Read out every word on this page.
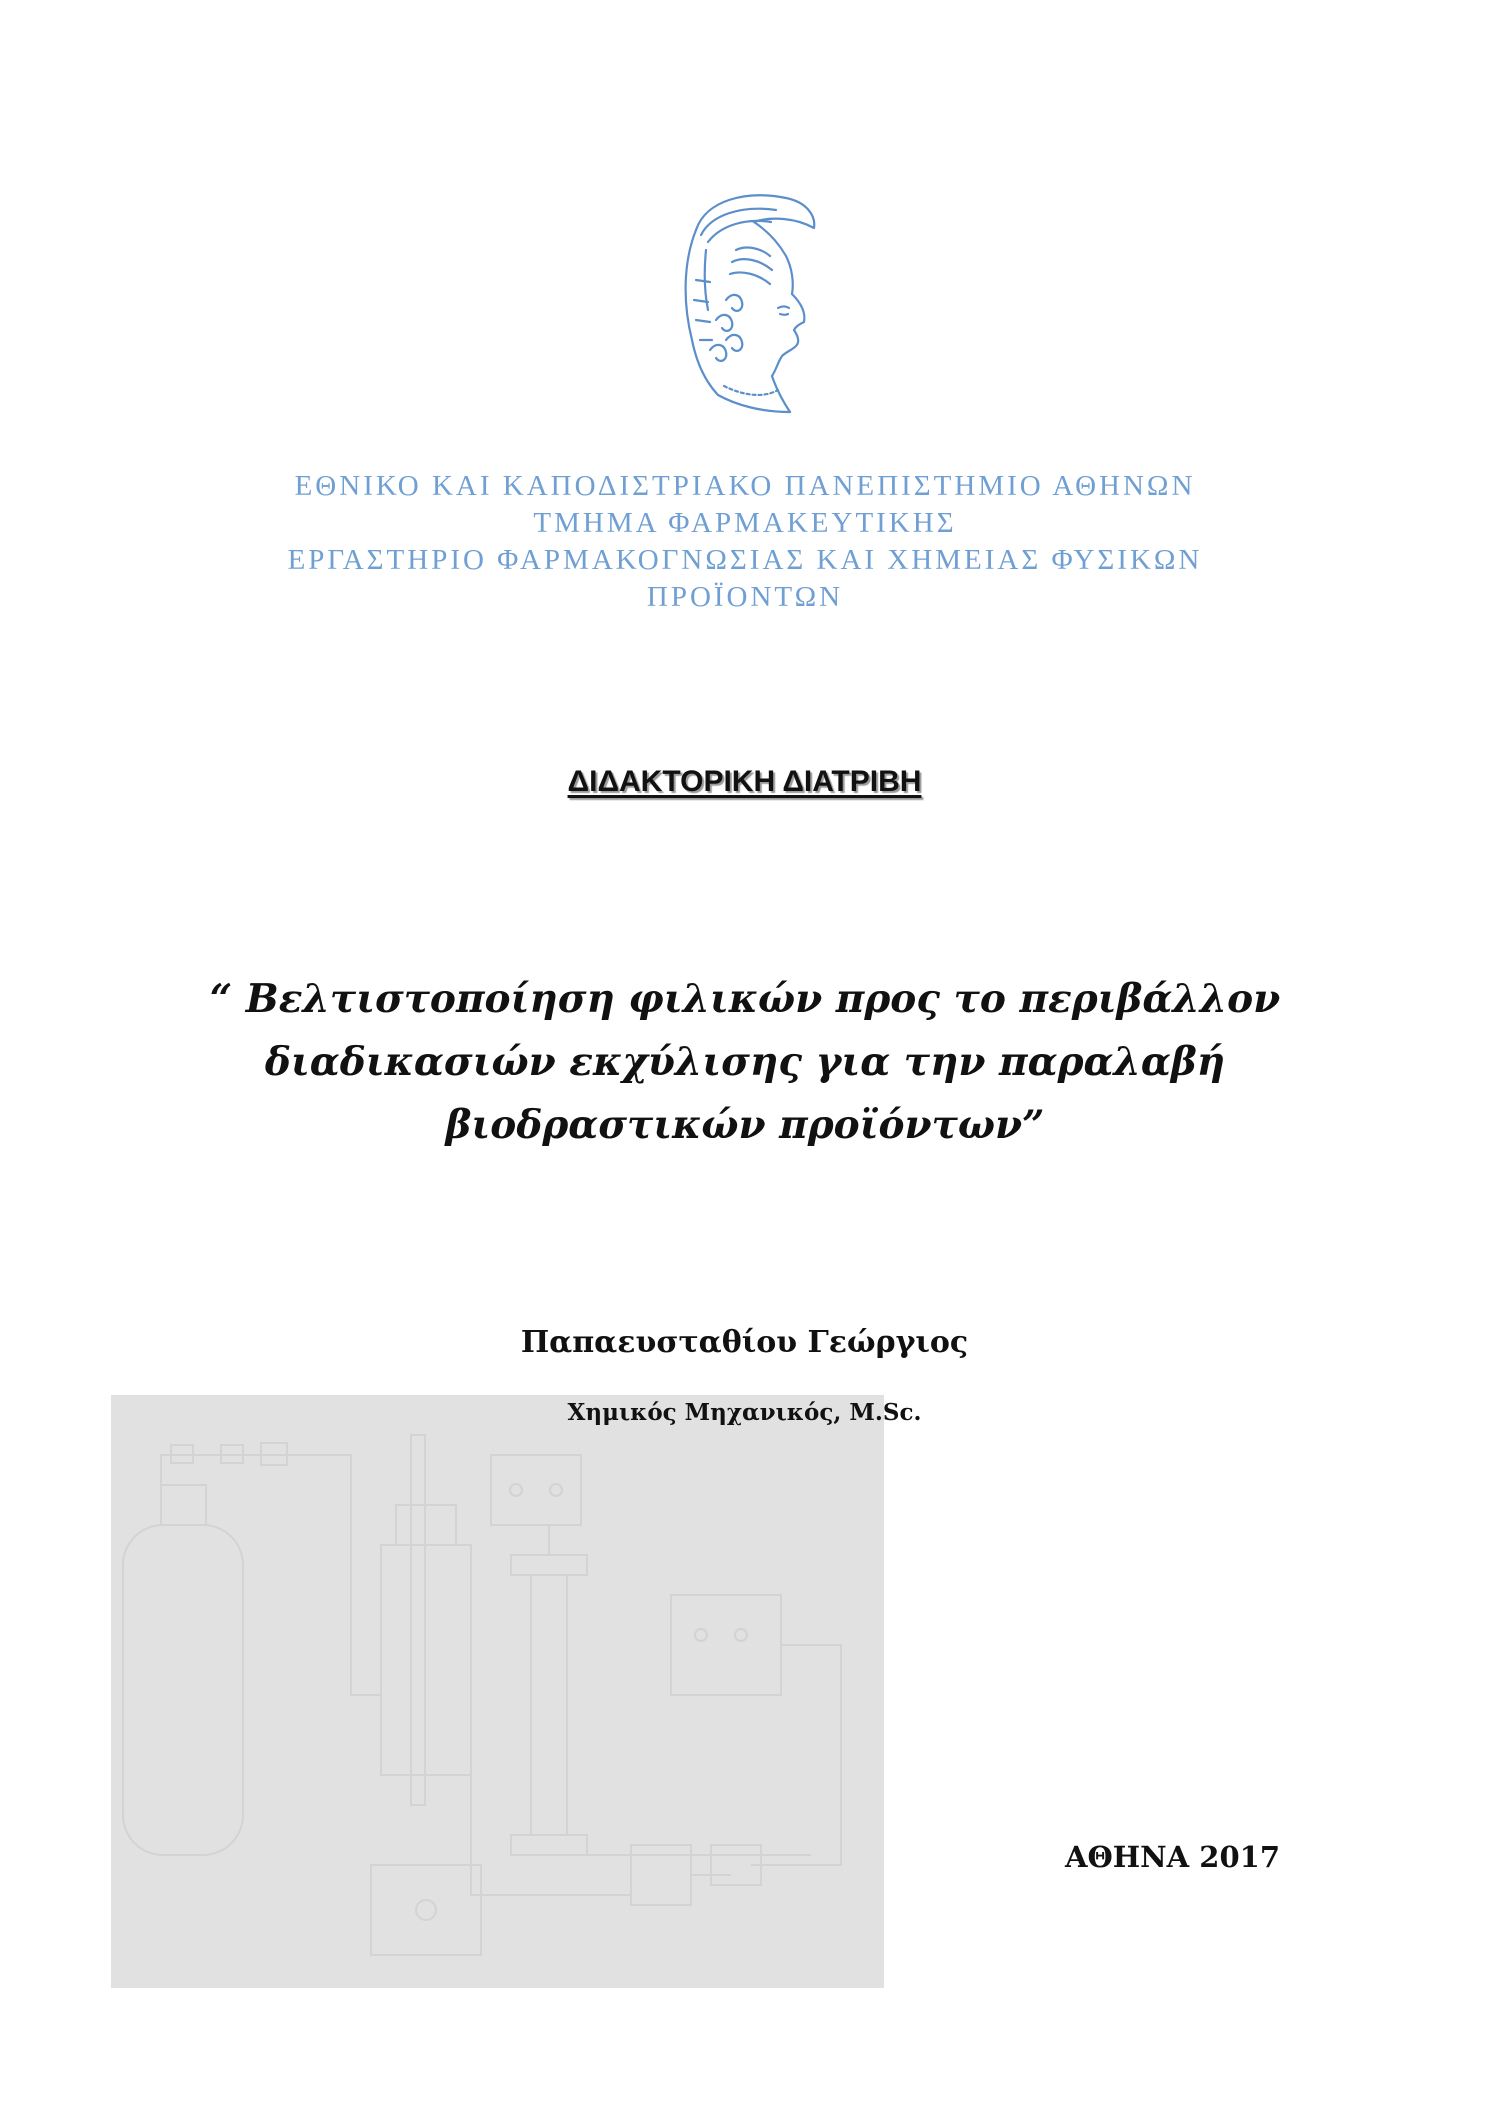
ΕΘΝΙΚΟ ΚΑΙ ΚΑΠΟΔΙΣΤΡΙΑΚΟ ΠΑΝΕΠΙΣΤΗΜΙΟ ΑΘΗΝΩΝ
ΤΜΗΜΑ ΦΑΡΜΑΚΕΥΤΙΚΗΣ
ΕΡΓΑΣΤΗΡΙΟ ΦΑΡΜΑΚΟΓΝΩΣΙΑΣ ΚΑΙ ΧΗΜΕΙΑΣ ΦΥΣΙΚΩΝ
ΠΡΟΪΟΝΤΩΝ
ΔΙΔΑΚΤΟΡΙΚΗ ΔΙΑΤΡΙΒΗ
“ Βελτιστοποίηση φιλικών προς το περιβάλλον
διαδικασιών εκχύλισης για την παραλαβή
βιοδραστικών προϊόντων”
Παπαευσταθίου Γεώργιος
Χημικός Μηχανικός, M.Sc.
ΑΘΗΝΑ 2017
